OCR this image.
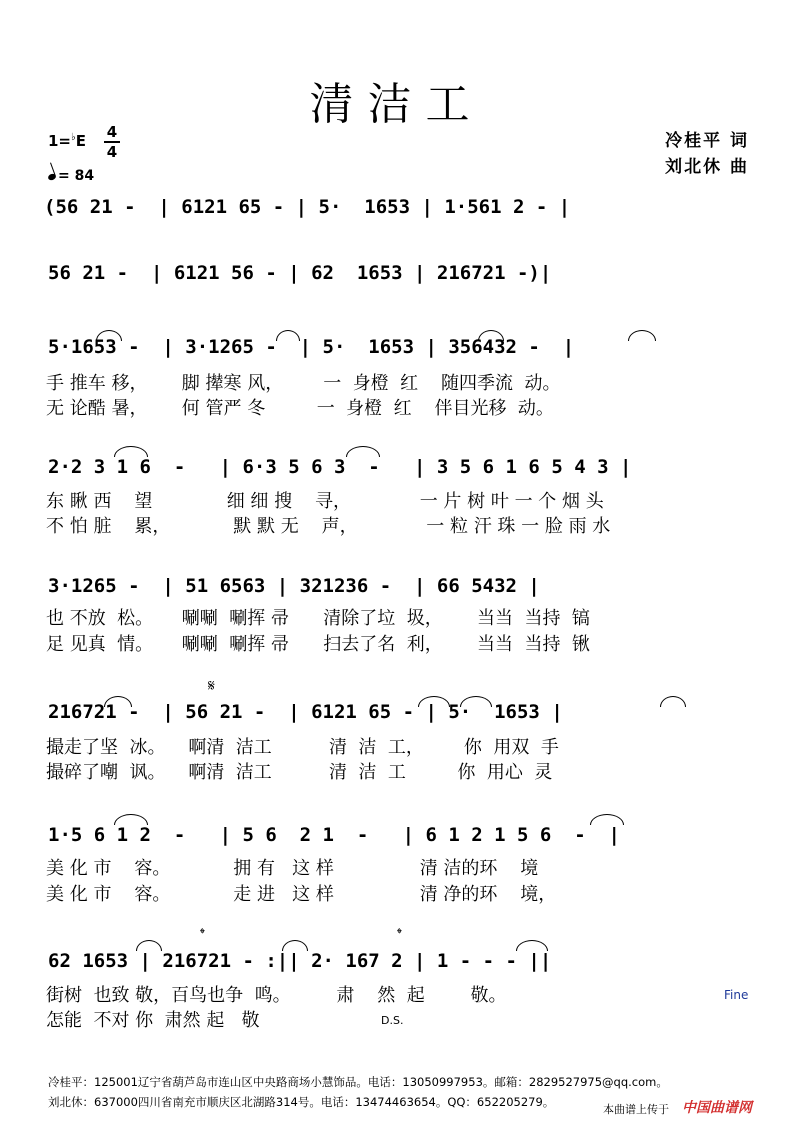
清洁工
1=♭E 4
4
= 84
冷桂平 词
刘北休 曲
(56 21 -  | 6121 65 - | 5·  1653 | 1·561 2 - |
56 21 -  | 6121 56 - | 62  1653 | 216721 -)|
5·1653 -  | 3·1265 -  | 5·  1653 | 356432 -  |
手 推车 移，      脚 撵寒 风，       一  身橙  红    随四季流  动。
无 论酷 暑，      何 管严 冬         一  身橙  红    伴目光移  动。
2·2 3 1 6  -   | 6·3 5 6 3  -   | 3 5 6 1 6 5 4 3 |
东 瞅 西    望             细 细 搜    寻，            一 片 树 叶 一 个 烟 头
不 怕 脏    累，           默 默 无    声，            一 粒 汗 珠 一 脸 雨 水
3·1265 -  | 51 6563 | 321236 -  | 66 5432 |
也 不放  松。     唰唰  唰挥 帚      清除了垃  圾，      当当  当持  镐
足 见真  情。     唰唰  唰挥 帚      扫去了名  利，      当当  当持  锹
𝄋
216721 -  | 56 21 -  | 6121 65 - | 5·  1653 |
撮走了坚  冰。    啊清  洁工          清  洁  工，       你  用双  手
撮碎了嘲  讽。    啊清  洁工          清  洁  工         你  用心  灵
1·5 6 1 2  -   | 5 6  2 1  -   | 6 1 2 1 5 6  -  |
美 化 市    容。           拥 有   这 样               清 洁的环    境
美 化 市    容。           走 进   这 样               清 净的环    境，
𝄌	𝄌
62 1653 | 216721 - :|| 2· 167 2 | 1 - - - ||
街树  也致 敬，百鸟也争  鸣。        肃    然  起        敬。
怎能  不对 你  肃然 起   敬
Fine
D.S.
冷桂平：125001辽宁省葫芦岛市连山区中央路商场小慧饰品。电话：13050997953。邮箱：2829527975@qq.com。
刘北休：637000四川省南充市顺庆区北湖路314号。电话：13474463654。QQ：652205279。
本曲谱上传于 中国曲谱网
